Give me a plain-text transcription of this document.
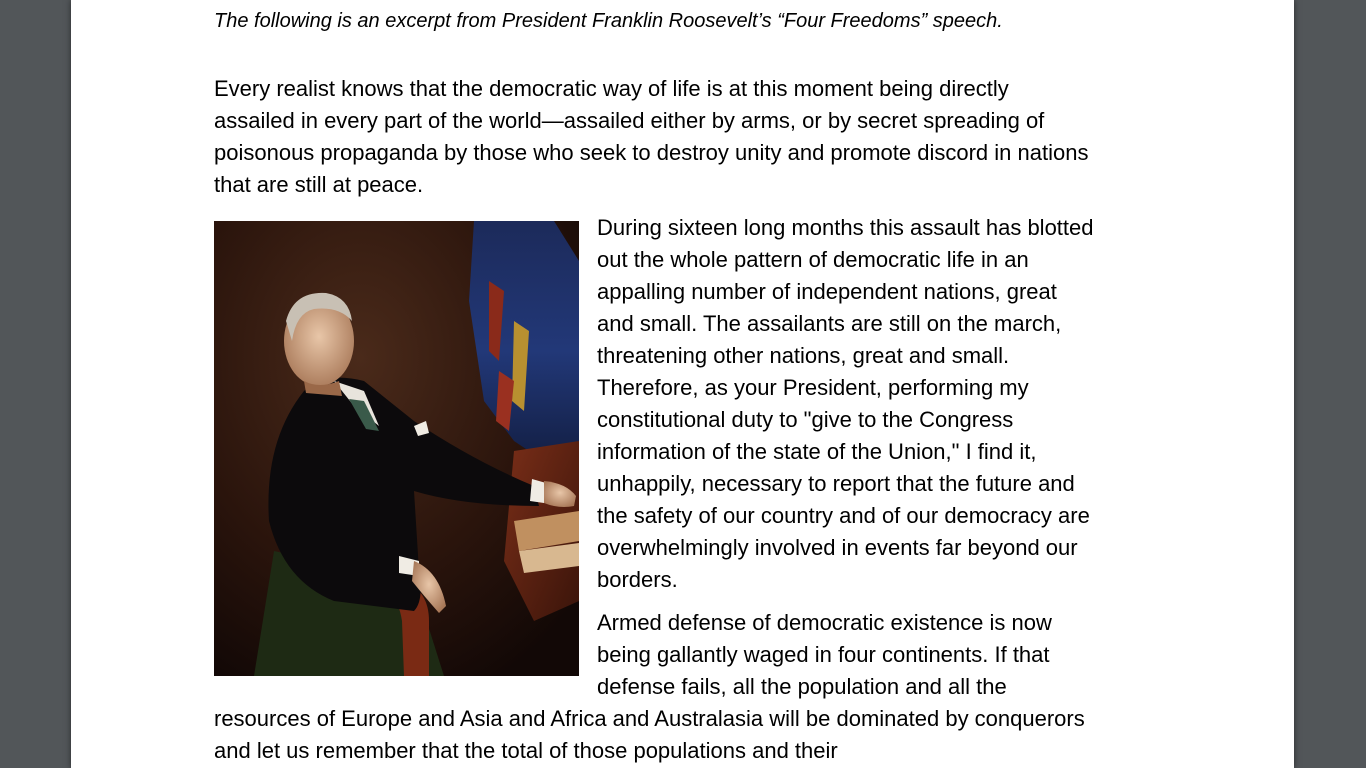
The following is an excerpt from President Franklin Roosevelt’s “Four Freedoms” speech.

Every realist knows that the democratic way of life is at this moment being directly assailed in every part of the world—assailed either by arms, or by secret spreading of poisonous propaganda by those who seek to destroy unity and promote discord in nations that are still at peace.

During sixteen long months this assault has blotted out the whole pattern of democratic life in an appalling number of independent nations, great and small. The assailants are still on the march, threatening other nations, great and small. Therefore, as your President, performing my constitutional duty to "give to the Congress information of the state of the Union," I find it, unhappily, necessary to report that the future and the safety of our country and of our democracy are overwhelmingly involved in events far beyond our borders.

Armed defense of democratic existence is now being gallantly waged in four continents. If that defense fails, all the population and all the resources of Europe and Asia and Africa and Australasia will be dominated by conquerors and let us remember that the total of those populations and their
